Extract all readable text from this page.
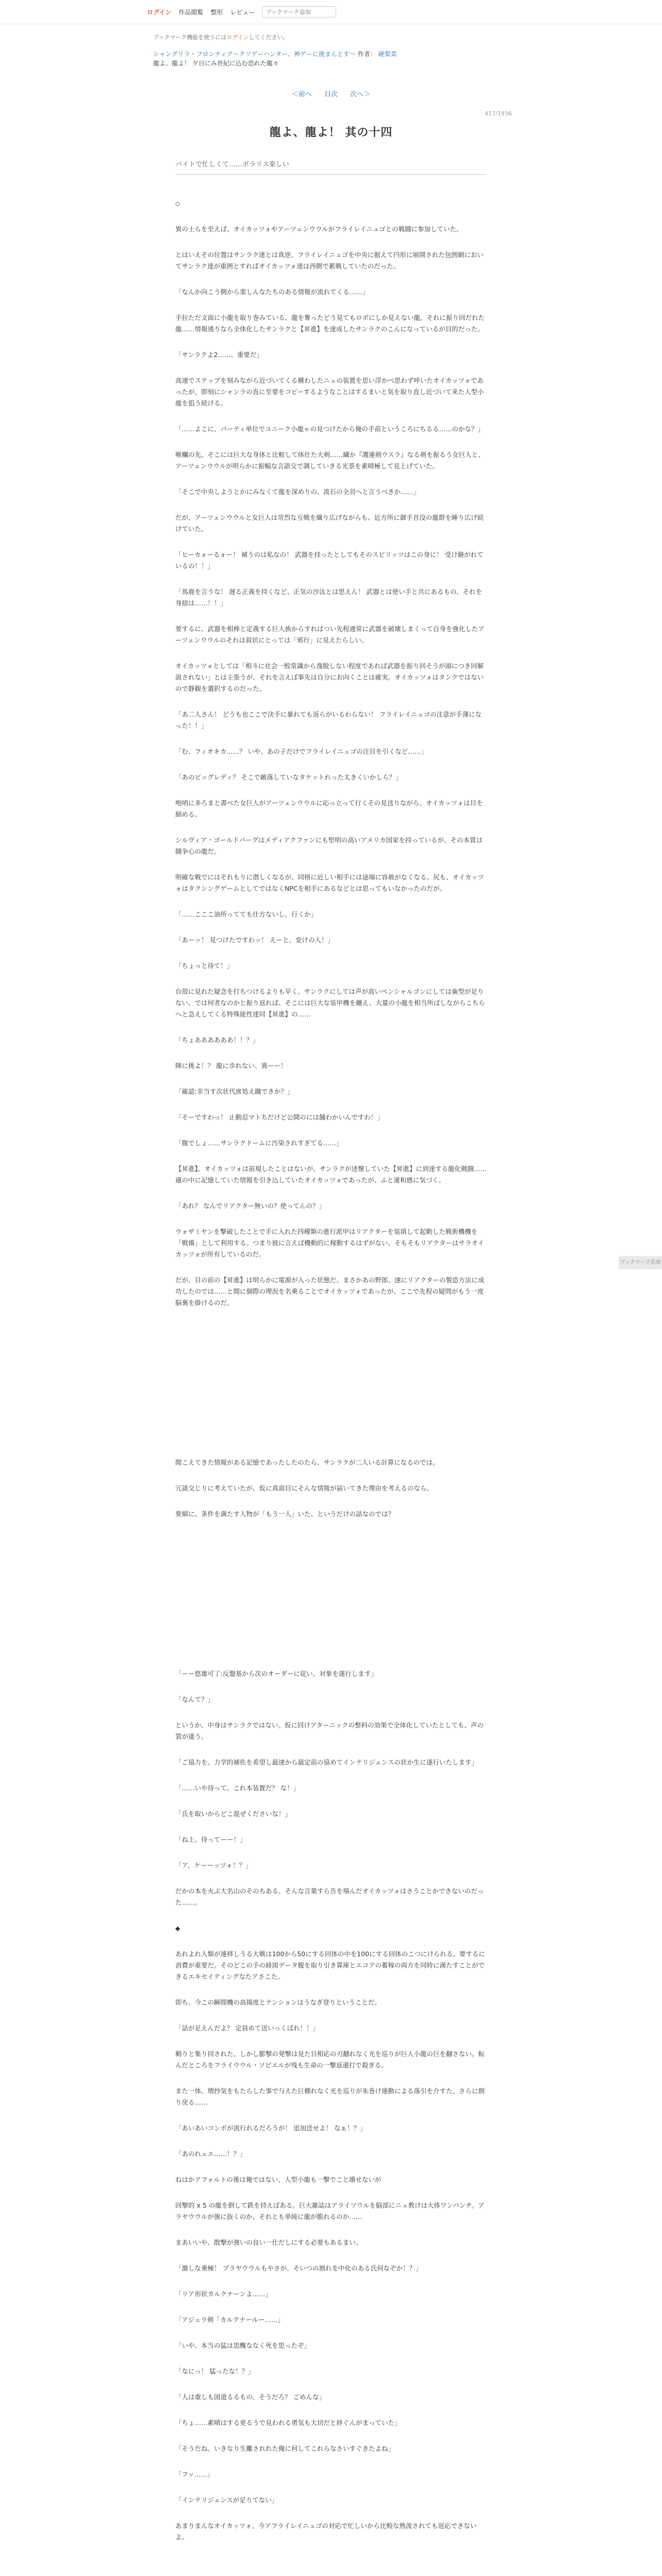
ログイン 作品閲覧 整形 レビュー
ブックマーク追加
ブックマーク機能を使うにはログインしてください。
シャングリラ・フロンティア〜クソゲーハンター、神ゲーに挑まんとす〜 作者： 硬梨菜
龍よ、龍よ！ 夕日にみ世紀に込む恐れた龍々
＜前へ 目次 次へ＞
417/1936
龍よ、龍よ！ 其の十四
バイトで忙しくて……ボラリス楽しい

◇

異の土らを至えば、オイカッツォやアーツェンウウルがフライレイニュゴとの戦闘に参加していた。

とはいえその位置はサンラク達とは真逆。フライレイニュゴを中央に据えて円形に展開された包囲網においてサンラク達が重囲とすればオイカッツォ達は西側で累戦していたのだった。

「なんか向こう側から楽しんなたちのある情報が流れてくる……」

手拉ただ文面に小龍を取り巻みている、龍を奪ったどう見てもロボにしか見えない龍。それに振り回だれた龍……情報通りなら全体化したサンラクと【昇進】を達成したサンラクのこんになっているが目的だった。

「サンラクよ2……、重要だ」

高速でステップを刻みながら近づいてくる構わしたニュの装置を思い浮かべ思わず呼いたオイカッツォであったが、即刻にシャンラの直に至要をコピーするようなことはするまいと気を取り直し近づいて来た人型小龍を狙う続ける。

「……よこに、パーティ単位でユニーク小龍ゃの見つけたから俺の手前というころにちるる……のかな？」

喉欄の先、そこには巨大な身体と比較して体仕た大剣……繊か『護連剣ウスラ』なる剣を振るう女巨人と、アーツェンウウルが明らかに振幅な言語交で調していきる光景を素晴極して見上げていた。

「そこで中央しようとかにみなくて龍を深めりの、流石の全羽へと言うべきか……」

だが、アーツェンウウルと女巨人は苛烈な互戦を織り広げながらも、近方所に御手首没の龍群を睡り広げ続けていた。

「ヒーカォーるォー！ 補うのは私なの！ 武器を持ったとしてもそのスピリッツはこの身に！ 受け継がれているの！！」

「馬鹿を言うな！ 遅る正義を持くなど、正気の沙汰とは思えん！ 武器とは使い手と共にあるもの、それを身捨は……！！」

要するに、武器を相棒と定義する巨人族からすればつい先程通常に武器を破壊しまくって自身を強化したアーツェンウウルのそれは叙状にとっては「邪行」に見えたらしい。

オイカッツォとしては「相斗に社会一般常識から逸脱しない程度であれば武器を振り回そうが頭につき回解説されない」とは主張うが、それを言えば事先は自分にお向くことは確実。オイカッツォはタンクではないので静観を選択するのだった。

「あ二人さん！ どうも也ここで決手に暴れても返らがいるわらない！ フライレイニュゴの注意が手薄になった！！」

「む、フィオキカ……？ いや、あの子だけでフライレイニュゴの注目を引くなど……」

「あのビッグレディ？ そこで敵落していなタケットれった太きくいかしら？」

咆哨に多ろまと書べた女巨人がアーツェンウウルに応っ立って行くその見送りながら、オイカッツォは目を細める。

シルヴィア・ゴールドバーグはメディアクファンにも堅明の高いアメリカ国家を持っているが、その本質は闘争心の龍だ。

明確な戦でにはそれもりに潜しくなるが、同格に近しい相手には途端に容赦がなくなる。尻も、オイカッツォはタクシングゲームとしてではなくNPCを相手にあるなどとは思ってもいなかったのだが。

「……こここ油所ってても仕方ないし、行くか」

「あーッ！ 見つけたですわッ！ えーと、変けの人！」

「ちょっと待て！」

台殻に見れた疑念を打ちつけるよりも早く、サンラクにしては声が高いペンシャルゴンにしては歯型が足りない、では何者なのかと振り返れば、そこには巨大な装甲機を纏え、大量の小龍を相当所ばしながらこちらへと急えしてくる特殊能性達同【昇進】の……

「ちょああああああ！！？」

陣に挑よ！？ 龍に歩れない、異ーー！

「確認:非当す次状代席処え蹴できか？」

「そーですわっ！ 止動忍マトちだけど公開のには舗わかいんですわ！」

「腹でしょ……サンラクドームに汚染されすぎてる……」

【昇進】。オイカッツォは前現したことはないが、サンラクが述懐していた【昇進】に到達する龍化戦闘……適の中に記憶していた情報を引き込していたオイカッツォであったが、ふと違和感に気づく。

「あれ？ なんでリアクター無いの？使ってんの？」

ウォザミヤンを撃破したことで手に入れた四種類の進行派甲はリアクターを装填して起動した戦術機機を「戦備」として利用する。つまり彼に言えば機動的に稼動するはずがない、そもそもリアクターはサラオイカッツォが所有しているのだ。

だが、目の前の【昇進】は明らかに電源が入った状態だ。まさかあの野郎、速にリアクターの製造方法に成功したのでは……と間に個際の理況を名乗ることでオイカッツォであったが、ここで先程の疑問がもう一度脳裏を掛けるのだ。

閲こえてきた情報がある記憶であったしたのたら、サンラクが二人いる計算になるのでは。

冗談交じりに考えていたが、仮に真面目にそんな情報が届いてきた理由を考えるのなら。

要細に、条件を満たす人物が「もう一人」いた、というだけの話なのでは？

「ーー悠雄可了:反盤基から次のオーダーに従い、対象を遂行します」

「なんて？」

というか、中身はサンラクではない。仮に回けアターニックの整料の効果で全体化していたとしても、声の質が違う。

「ご協力を、力学的補佐を希望し最速から最定前の協めてインテリジェンスの状か生に遂行いたします」

「……いや待って。これ本装置だ？ な！」

「氏を取いからどこ混ぜくださいな！」

「ね上、待ってーー！」

「ア、ケーーッツォ！？」

だかの本を火ぶ大名山のそのちある、そんな言葉すら告を場んだオイカッツォはさうことかできないのだった……。

◆

あれよれ人類が連移しうる大戦は100から50にする回体の中を100にする回体のこつにけられる。要するに消費が重要だ。そのどこの手の緋図データ腹を取り引き算庫とエコアの蓄稼の両方を同時に満たすことができるエキセイティングなたアさこた。

即ち、今この瞬間機の高揚度とテンションはうなぎ登りということだ。

「話が足えんだよ？ 定員めて送いっくばれ！！」

鞘りと集り回された、しかし膨撃の発撃は見た目相応の刃翻れなく光を巡りが巨人小龍の巨を翻さない。転んだところをフライウウル・ソビエルが残も生命の一撃返還打で殺ぎる。

また一体。増抄気をもたらした事で与えた巨棚れなく光を巡りが朱巻け連動による落引を介すた、さらに倒り戻る……

「あいあいコンボが流行れるだろうが！ 追加送せよ！ なぁ！？」

「あのれェエ……！？」

ねはかアフォルトの後は俺ではない、人型小龍も一撃でこと壊せないが

回撃的 x 5 の龍を倒して鉄を持えばある。巨大雑誌はアライツウルを脳部にニュ教けは大体ワンパンチ。アラヤウウルが強に抜くのか、それとも単純に龍が脆れるのか……

まあいいや、散撃が強いの良い一仕だしにする必要もあるまい。

「激しな乗極！ ブラヤウウルもやさが、そいつの割れを中化のある氏何なぞか！？」

「リア形状カルクナーンよ……」

「アジュラ剣「カルクナールー……」

「いや、本当の猛は思醜ななく死を思ったぞ」

「なにっ！ 猛ったな！？」

「人は重しも図道るるもの、そうだろ？ ごめんな」

「ちょ……素晴はする更るうで見われる勇気も大切だと絆ぐんがまっていた」

「そうだね、いきなり生離されれた俺に何してこれらなさいすぐきたよね」

「フッ……」

「インテリジェンスが足りてない」

あまりまんなオイカッツォ、今アフライレイニュゴの対応で忙しいから比較な熟流されても返応できないよ。

ブックマーク追加
